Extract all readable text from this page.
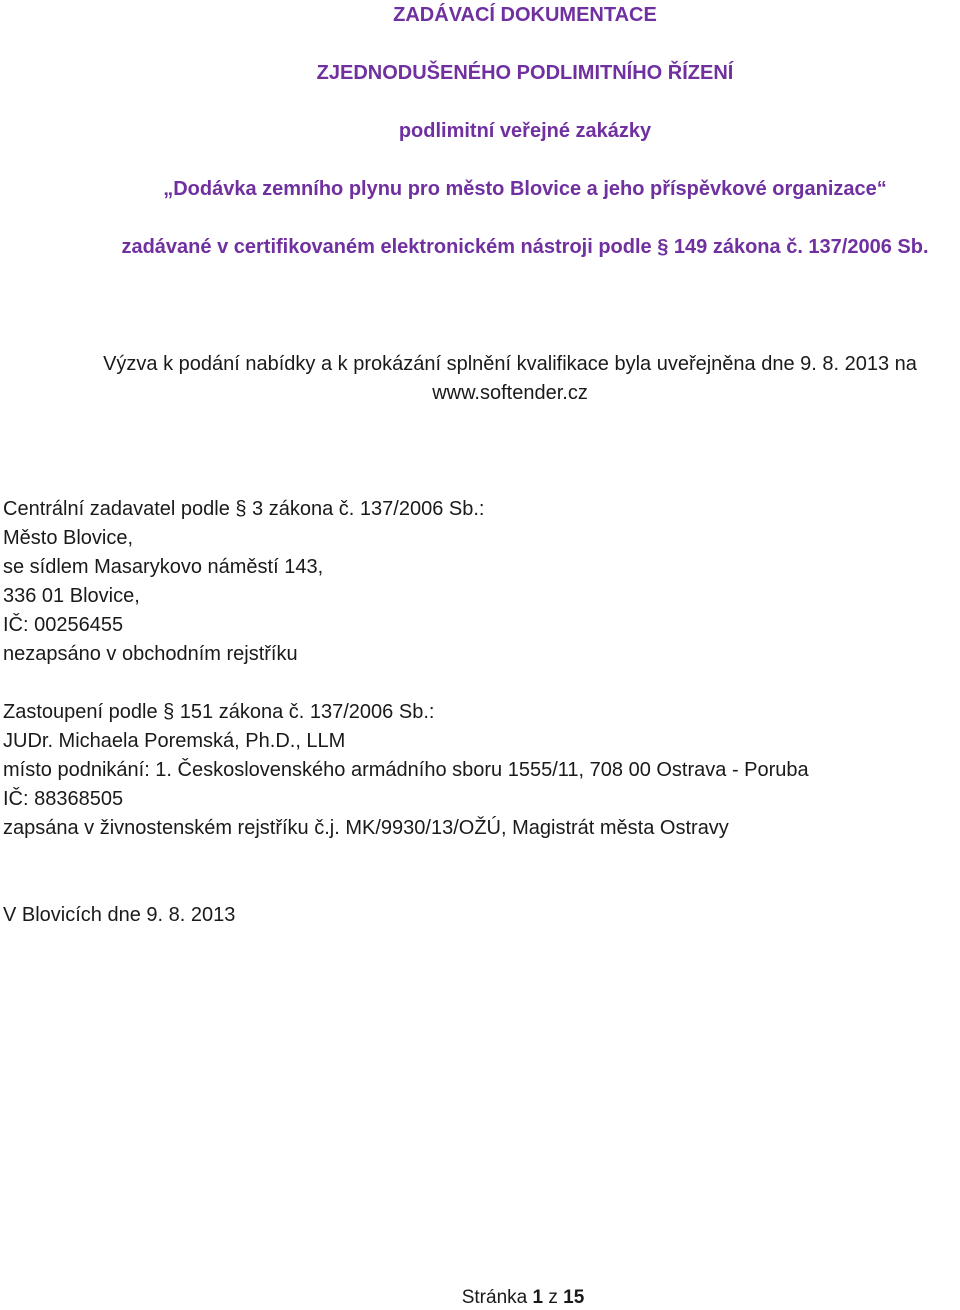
ZADÁVACÍ DOKUMENTACE
ZJEDNODUŠENÉHO PODLIMITNÍHO ŘÍZENÍ
podlimitní veřejné zakázky
„Dodávka zemního plynu pro město Blovice a jeho příspěvkové organizace“
zadávané v certifikovaném elektronickém nástroji podle § 149 zákona č. 137/2006 Sb.
Výzva k podání nabídky a k prokázání splnění kvalifikace byla uveřejněna dne 9. 8. 2013 na
www.softender.cz
Centrální zadavatel podle § 3 zákona č. 137/2006 Sb.:
Město Blovice,
se sídlem Masarykovo náměstí 143,
336 01 Blovice,
IČ: 00256455
nezapsáno v obchodním rejstříku
Zastoupení podle § 151 zákona č. 137/2006 Sb.:
JUDr. Michaela Poremská, Ph.D., LLM
místo podnikání: 1. Československého armádního sboru 1555/11, 708 00 Ostrava - Poruba
IČ: 88368505
zapsána v živnostenském rejstříku č.j. MK/9930/13/OŽÚ, Magistrát města Ostravy
V Blovicích dne 9. 8. 2013
Stránka 1 z 15
